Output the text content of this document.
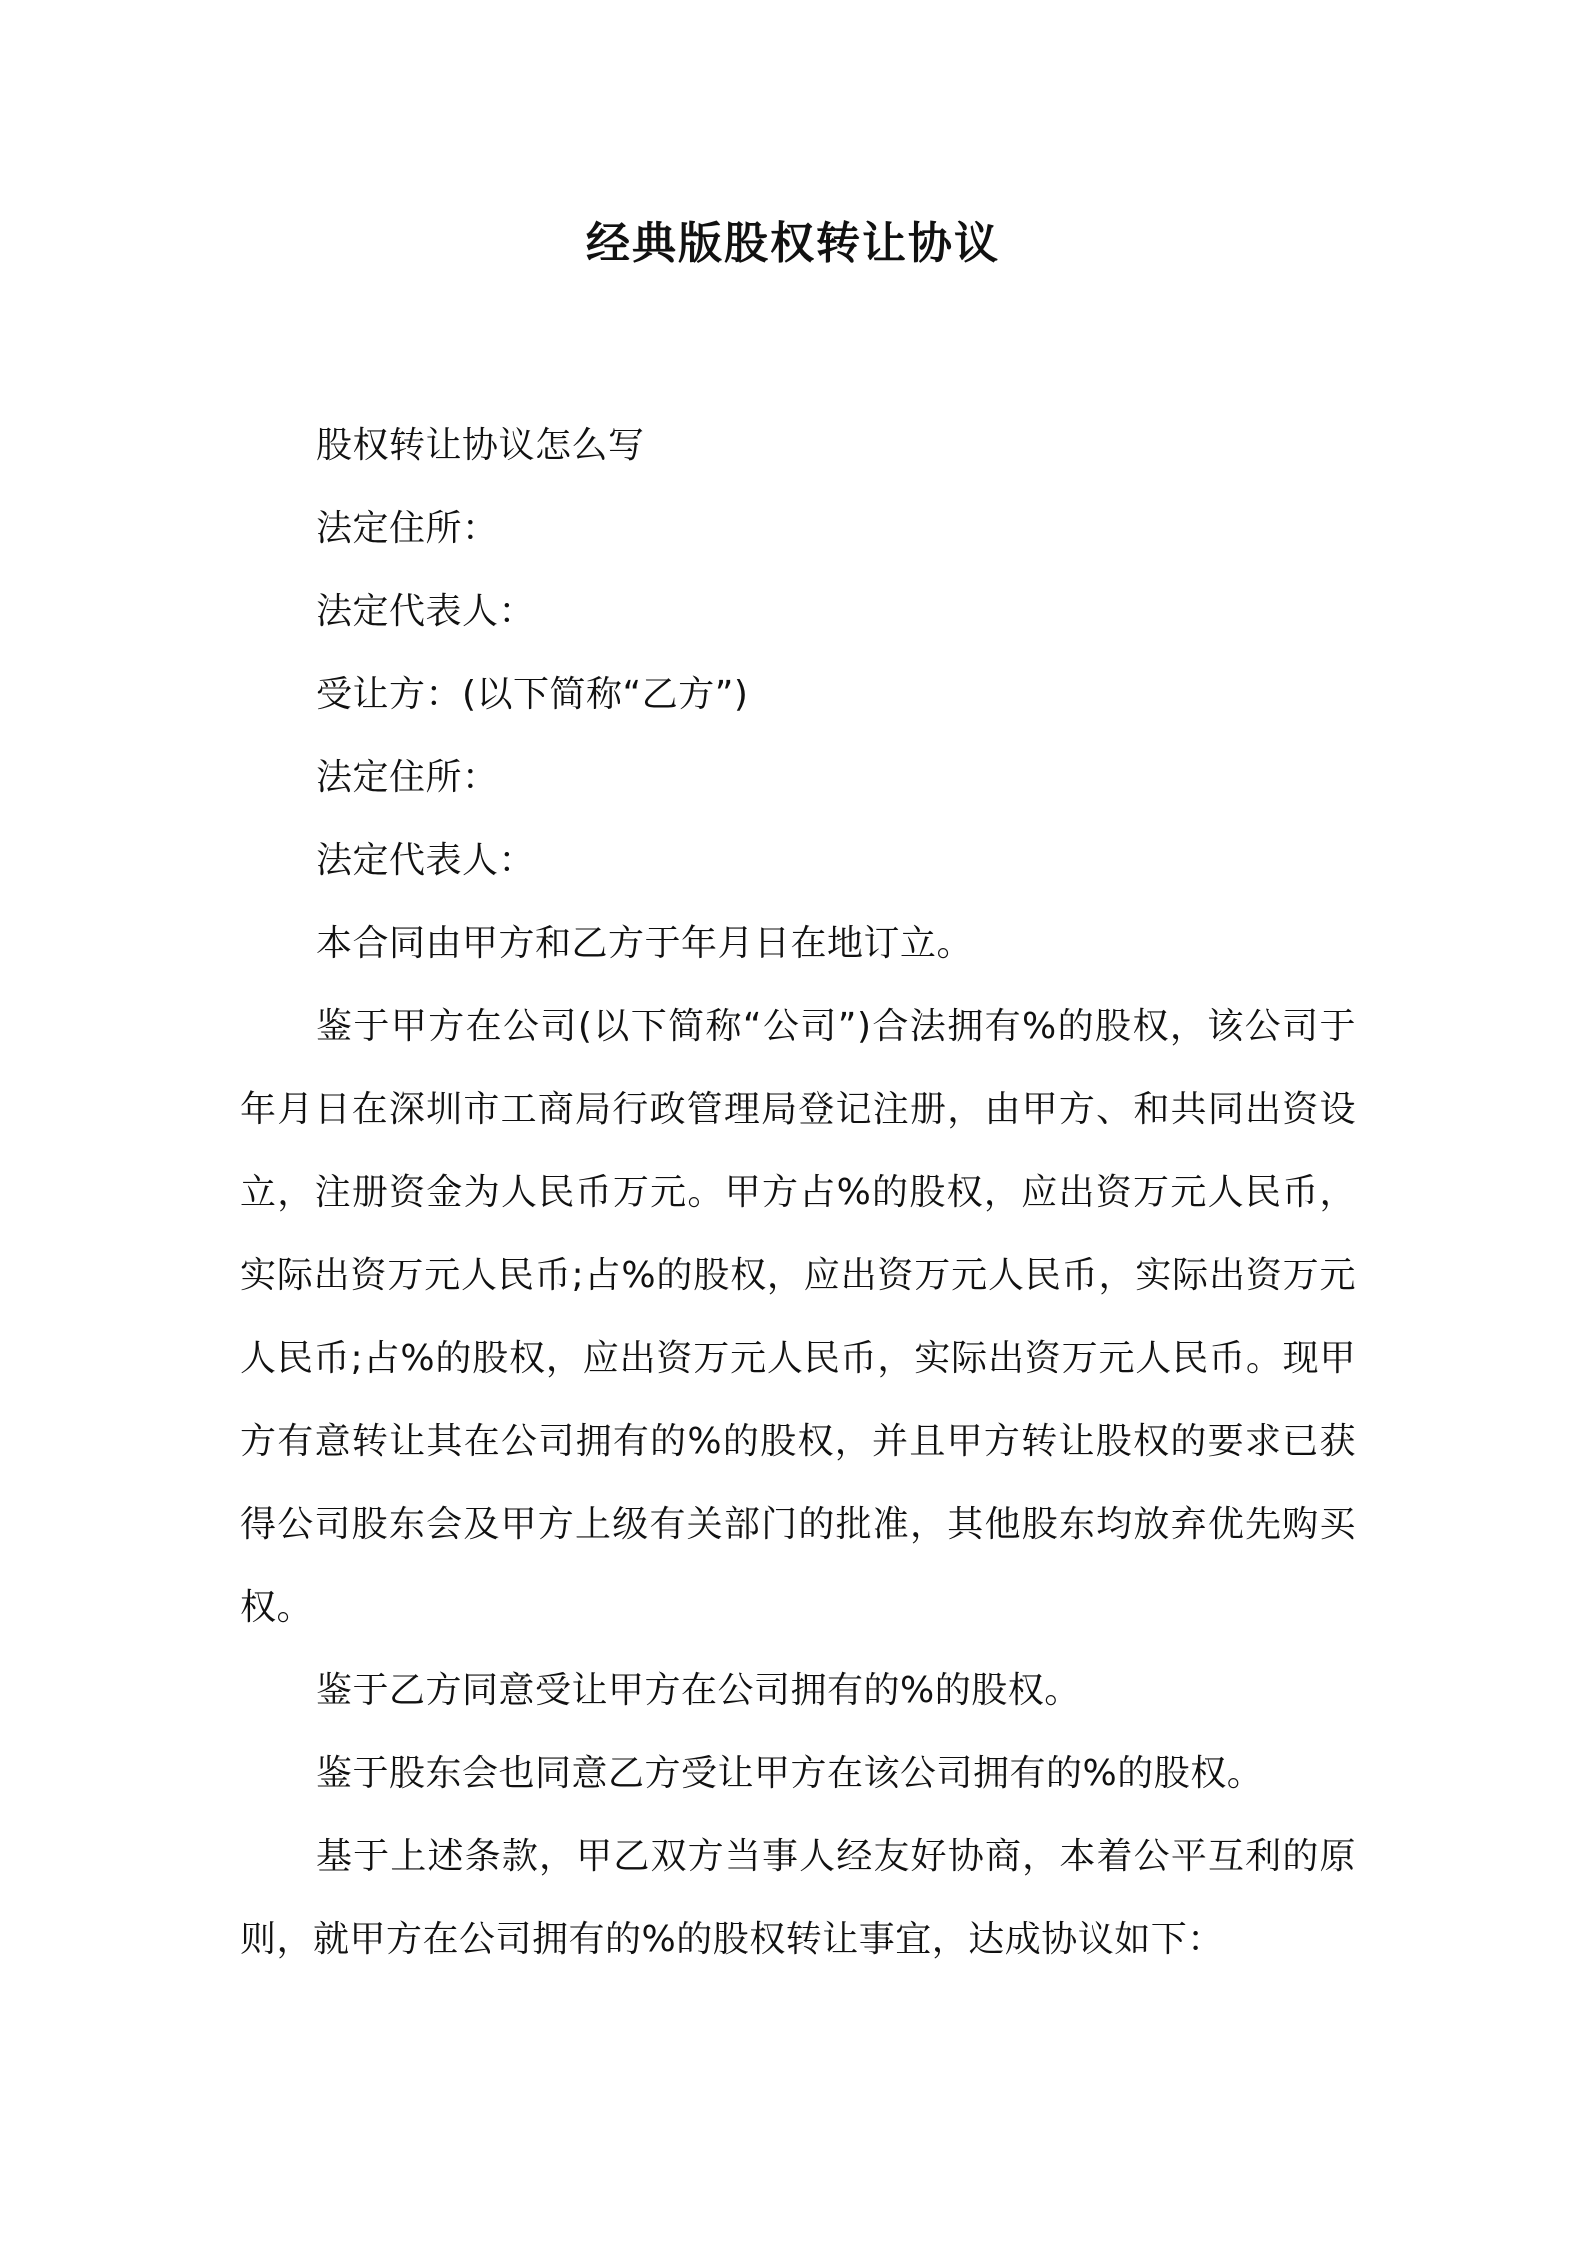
经典版股权转让协议

股权转让协议怎么写

法定住所：

法定代表人：

受让方：(以下简称“乙方”)

法定住所：

法定代表人：

本合同由甲方和乙方于年月日在地订立。

鉴于甲方在公司(以下简称“公司”)合法拥有%的股权，该公司于年月日在深圳市工商局行政管理局登记注册，由甲方、和共同出资设立，注册资金为人民币万元。甲方占%的股权，应出资万元人民币，实际出资万元人民币;占%的股权，应出资万元人民币，实际出资万元人民币;占%的股权，应出资万元人民币，实际出资万元人民币。现甲方有意转让其在公司拥有的%的股权，并且甲方转让股权的要求已获得公司股东会及甲方上级有关部门的批准，其他股东均放弃优先购买权。

鉴于乙方同意受让甲方在公司拥有的%的股权。

鉴于股东会也同意乙方受让甲方在该公司拥有的%的股权。

基于上述条款，甲乙双方当事人经友好协商，本着公平互利的原则，就甲方在公司拥有的%的股权转让事宜，达成协议如下：
